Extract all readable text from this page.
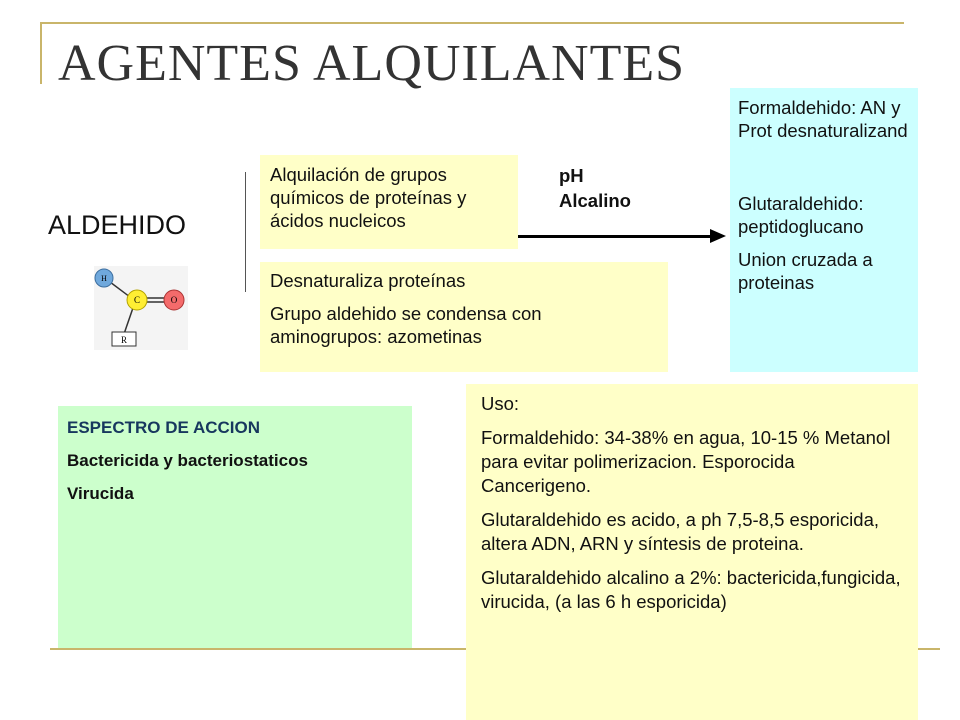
AGENTES ALQUILANTES
ALDEHIDO
H
C	O
R
Alquilación de grupos químicos de proteínas y ácidos nucleicos
pH
Alcalino

Desnaturaliza proteínas

Grupo aldehido se condensa con aminogrupos: azometinas

Formaldehido: AN y Prot desnaturalizand

Glutaraldehido: peptidoglucano

Union cruzada a proteinas

ESPECTRO DE ACCION

Bactericida y bacteriostaticos

Virucida

Uso:

Formaldehido: 34-38% en agua, 10-15 % Metanol para evitar polimerizacion. Esporocida Cancerigeno.

Glutaraldehido es acido, a ph 7,5-8,5 esporicida, altera ADN, ARN y síntesis de proteina.

Glutaraldehido alcalino a 2%: bactericida,fungicida, virucida, (a las 6 h esporicida)
